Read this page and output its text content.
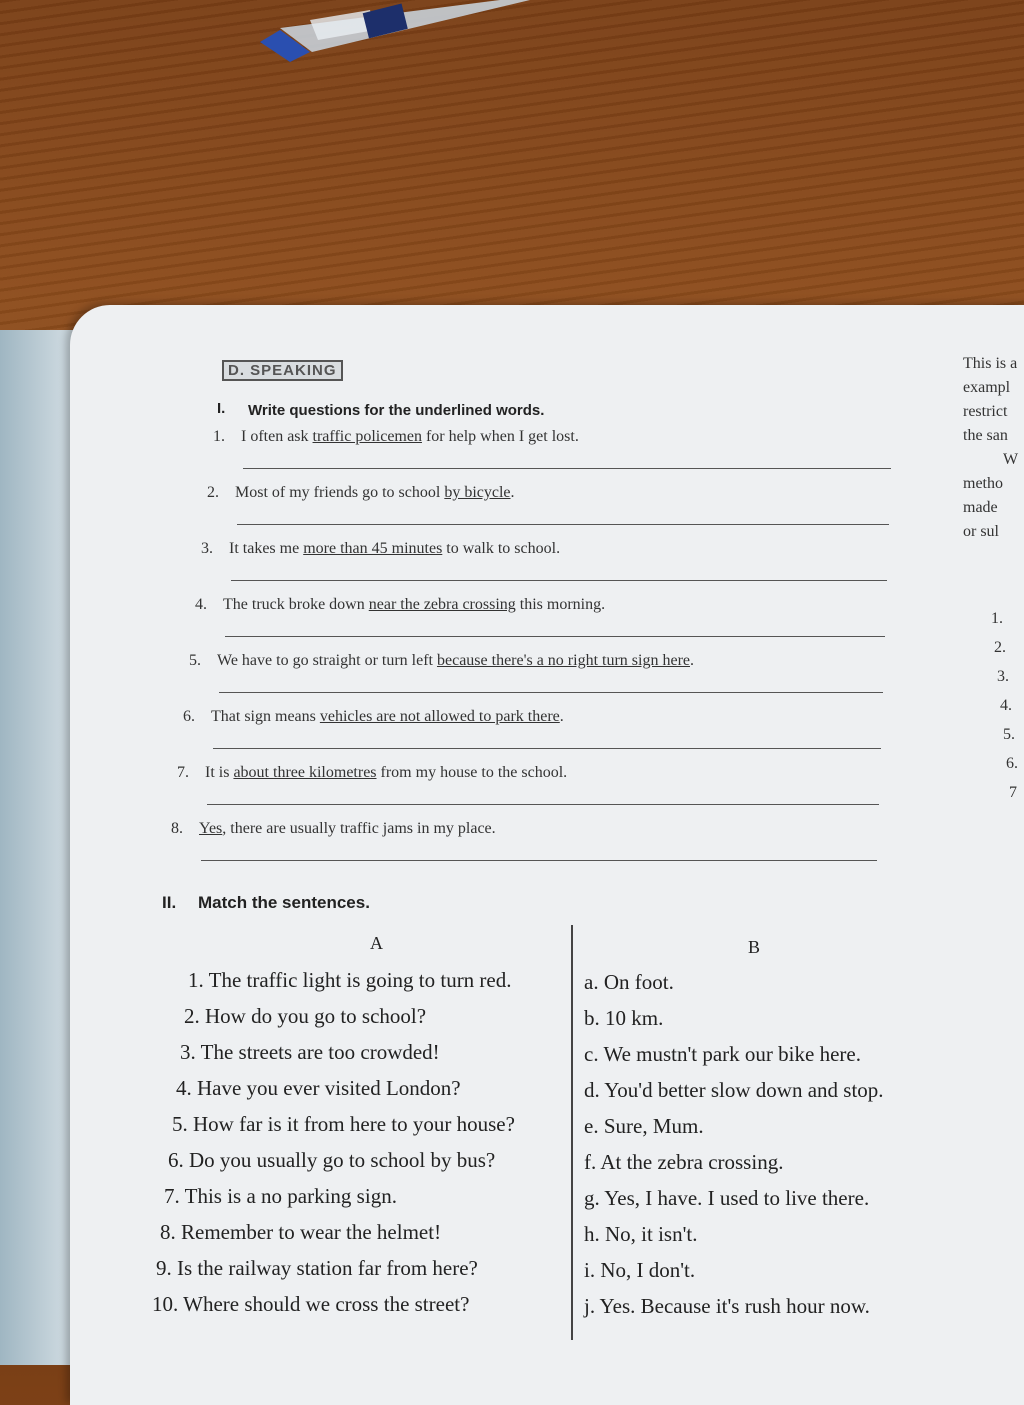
D. SPEAKING
I. Write questions for the underlined words.
1. I often ask traffic policemen for help when I get lost.
2. Most of my friends go to school by bicycle.
3. It takes me more than 45 minutes to walk to school.
4. The truck broke down near the zebra crossing this morning.
5. We have to go straight or turn left because there's a no right turn sign here.
6. That sign means vehicles are not allowed to park there.
7. It is about three kilometres from my house to the school.
8. Yes, there are usually traffic jams in my place.
II. Match the sentences.
A	B
1. The traffic light is going to turn red.
2. How do you go to school?
3. The streets are too crowded!
4. Have you ever visited London?
5. How far is it from here to your house?
6. Do you usually go to school by bus?
7. This is a no parking sign.
8. Remember to wear the helmet!
9. Is the railway station far from here?
10. Where should we cross the street?
a. On foot.
b. 10 km.
c. We mustn't park our bike here.
d. You'd better slow down and stop.
e. Sure, Mum.
f. At the zebra crossing.
g. Yes, I have. I used to live there.
h. No, it isn't.
i. No, I don't.
j. Yes. Because it's rush hour now.
This is a
exampl
restrict
the san
W
metho
made
or sul
1.
2.
3.
4.
5.
6.
7
